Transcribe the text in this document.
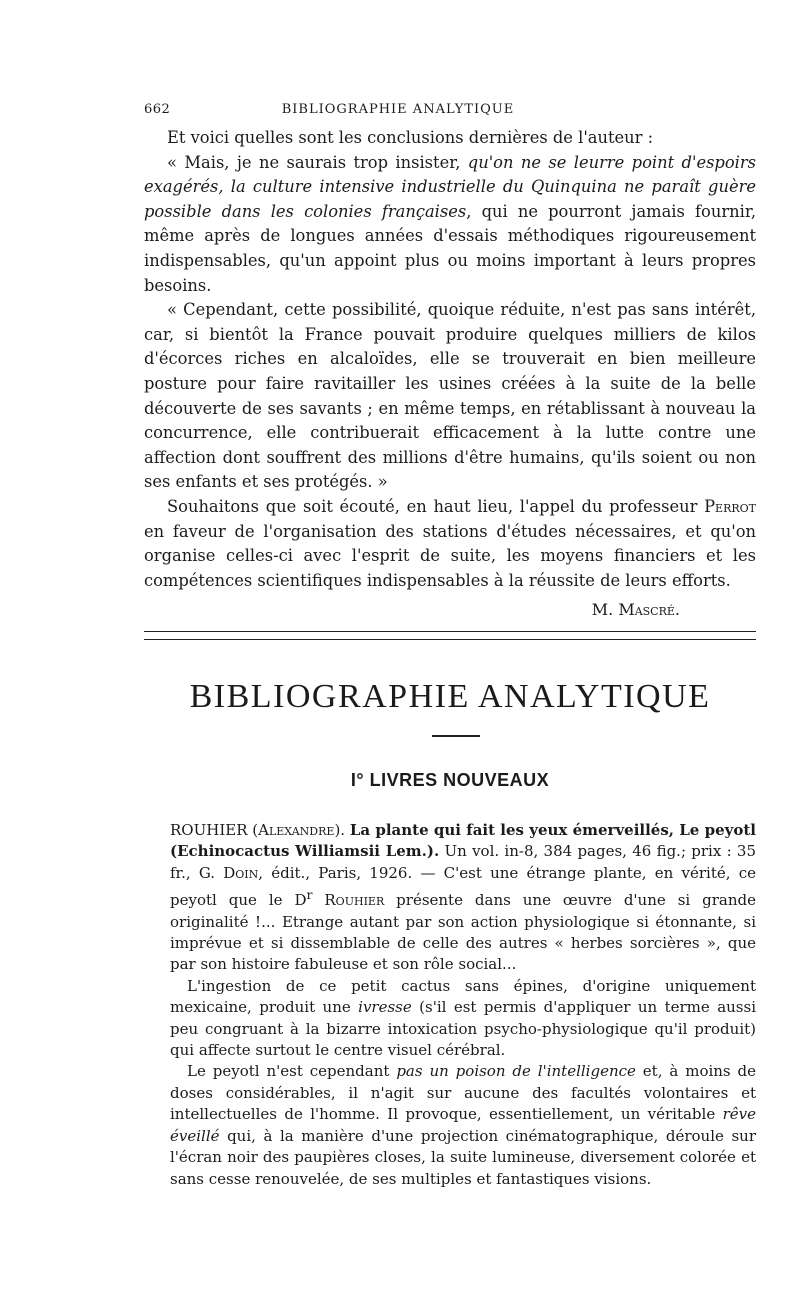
662	BIBLIOGRAPHIE ANALYTIQUE

Et voici quelles sont les conclusions dernières de l'auteur :

« Mais, je ne saurais trop insister, qu'on ne se leurre point d'espoirs exagérés, la culture intensive industrielle du Quinquina ne paraît guère possible dans les colonies françaises, qui ne pourront jamais fournir, même après de longues années d'essais méthodiques rigoureusement indispensables, qu'un appoint plus ou moins important à leurs propres besoins.

« Cependant, cette possibilité, quoique réduite, n'est pas sans intérêt, car, si bientôt la France pouvait produire quelques milliers de kilos d'écorces riches en alcaloïdes, elle se trouverait en bien meilleure posture pour faire ravitailler les usines créées à la suite de la belle découverte de ses savants ; en même temps, en rétablissant à nouveau la concurrence, elle contribuerait efficacement à la lutte contre une affection dont souffrent des millions d'être humains, qu'ils soient ou non ses enfants et ses protégés. »

Souhaitons que soit écouté, en haut lieu, l'appel du professeur Perrot en faveur de l'organisation des stations d'études nécessaires, et qu'on organise celles-ci avec l'esprit de suite, les moyens financiers et les compétences scientifiques indispensables à la réussite de leurs efforts.

M. Mascré.
BIBLIOGRAPHIE ANALYTIQUE
I° LIVRES NOUVEAUX

ROUHIER (Alexandre). La plante qui fait les yeux émerveillés, Le peyotl (Echinocactus Williamsii Lem.). Un vol. in-8, 384 pages, 46 fig.; prix : 35 fr., G. Doin, édit., Paris, 1926. — C'est une étrange plante, en vérité, ce peyotl que le $D^r$ Rouhier présente dans une œuvre d'une si grande originalité !... Etrange autant par son action physiologique si étonnante, si imprévue et si dissemblable de celle des autres « herbes sorcières », que par son histoire fabuleuse et son rôle social...

L'ingestion de ce petit cactus sans épines, d'origine uniquement mexicaine, produit une ivresse (s'il est permis d'appliquer un terme aussi peu congruant à la bizarre intoxication psycho-physiologique qu'il produit) qui affecte surtout le centre visuel cérébral.

Le peyotl n'est cependant pas un poison de l'intelligence et, à moins de doses considérables, il n'agit sur aucune des facultés volontaires et intellectuelles de l'homme. Il provoque, essentiellement, un véritable rêve éveillé qui, à la manière d'une projection cinématographique, déroule sur l'écran noir des paupières closes, la suite lumineuse, diversement colorée et sans cesse renouvelée, de ses multiples et fantastiques visions.
